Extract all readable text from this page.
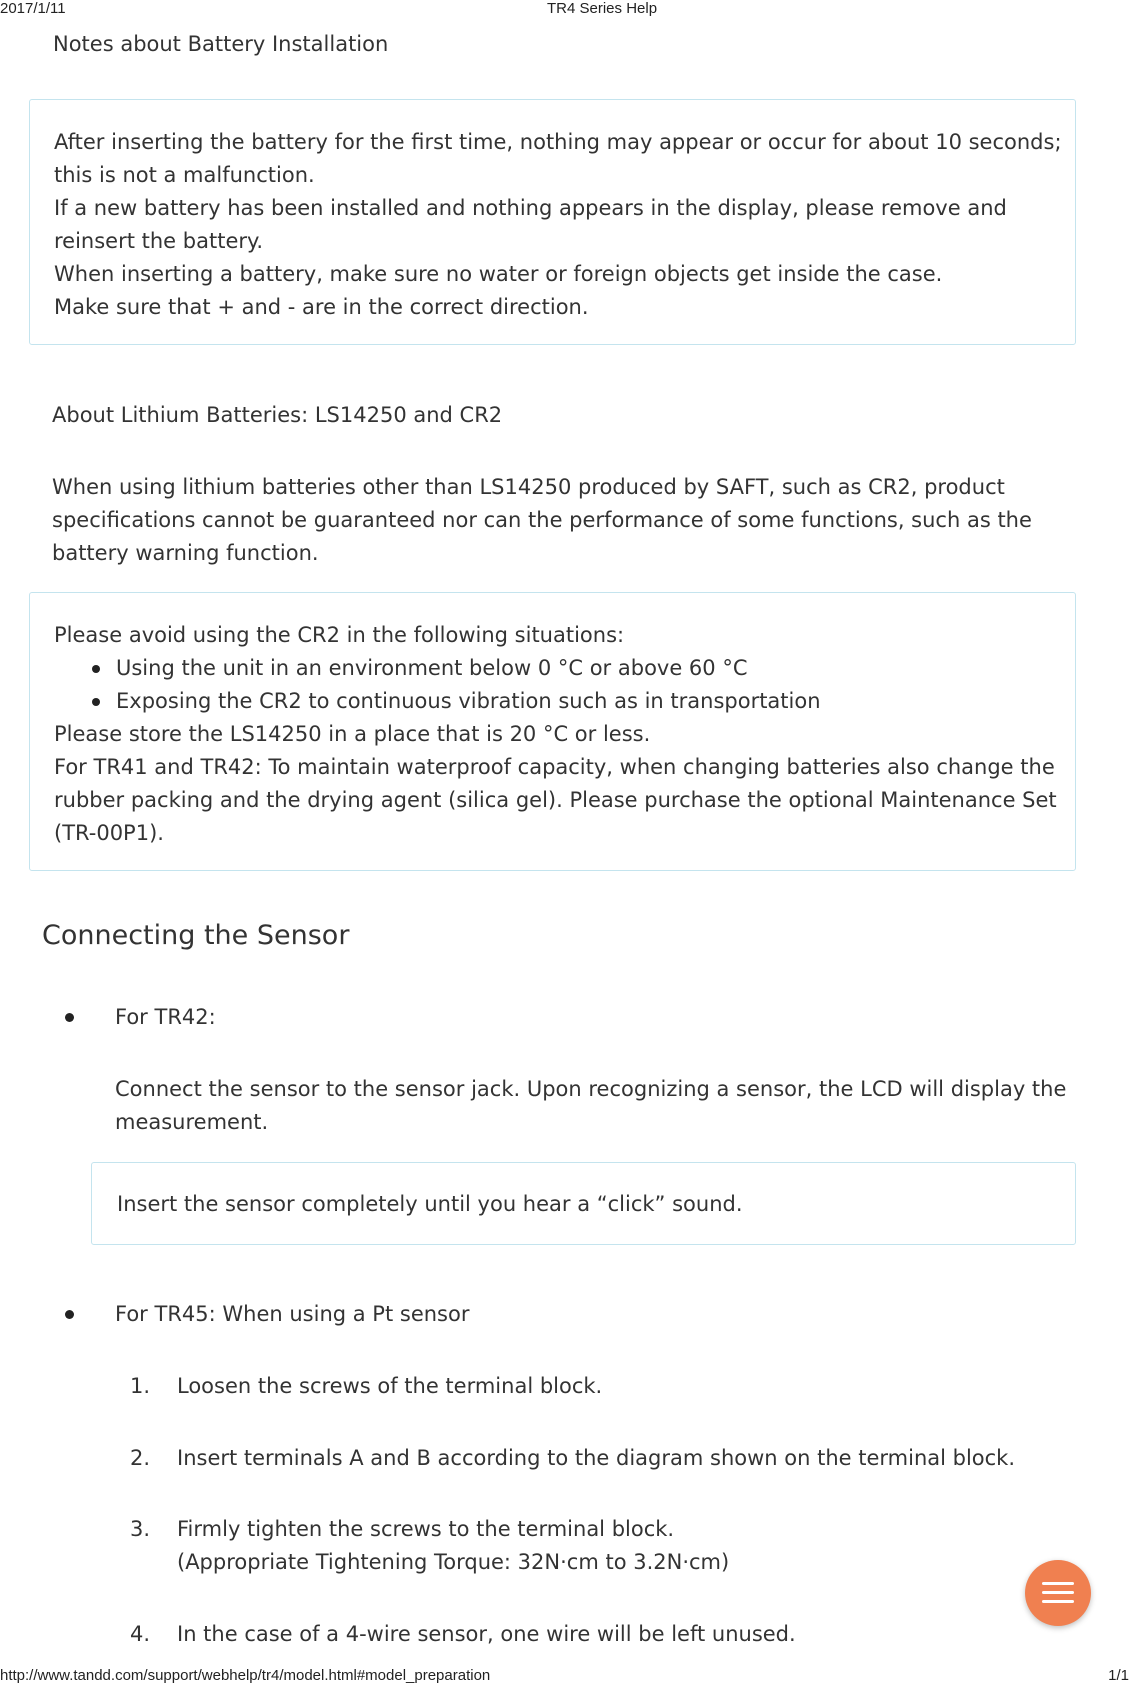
2017/1/11	TR4 Series Help
Notes about Battery Installation
After inserting the battery for the first time, nothing may appear or occur for about 10 seconds;
this is not a malfunction.
If a new battery has been installed and nothing appears in the display, please remove and
reinsert the battery.
When inserting a battery, make sure no water or foreign objects get inside the case.
Make sure that + and - are in the correct direction.
About Lithium Batteries: LS14250 and CR2
When using lithium batteries other than LS14250 produced by SAFT, such as CR2, product
specifications cannot be guaranteed nor can the performance of some functions, such as the
battery warning function.
Please avoid using the CR2 in the following situations:
Using the unit in an environment below 0 °C or above 60 °C
Exposing the CR2 to continuous vibration such as in transportation
Please store the LS14250 in a place that is 20 °C or less.
For TR41 and TR42: To maintain waterproof capacity, when changing batteries also change the
rubber packing and the drying agent (silica gel). Please purchase the optional Maintenance Set
(TR-00P1).
Connecting the Sensor
For TR42:
Connect the sensor to the sensor jack. Upon recognizing a sensor, the LCD will display the
measurement.
Insert the sensor completely until you hear a “click” sound.
For TR45: When using a Pt sensor
1. Loosen the screws of the terminal block.
2. Insert terminals A and B according to the diagram shown on the terminal block.
3. Firmly tighten the screws to the terminal block.
(Appropriate Tightening Torque: 32N·cm to 3.2N·cm)
4. In the case of a 4-wire sensor, one wire will be left unused.
http://www.tandd.com/support/webhelp/tr4/model.html#model_preparation	1/1
